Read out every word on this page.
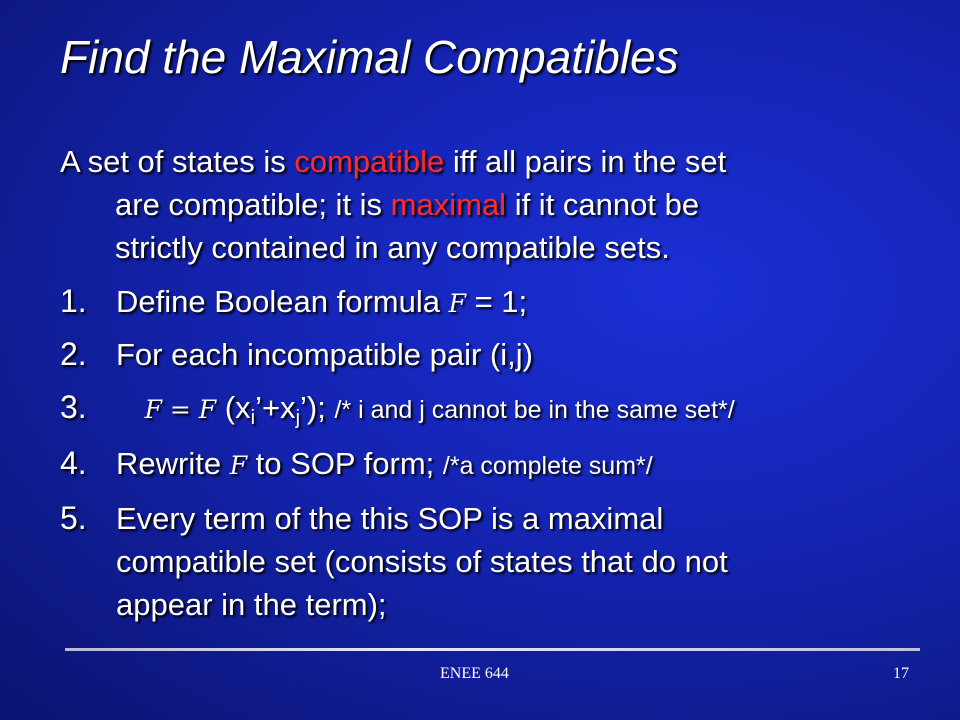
Find the Maximal Compatibles
A set of states is compatible iff all pairs in the set
are compatible; it is maximal if it cannot be
strictly contained in any compatible sets.
1. Define Boolean formula F = 1;
2. For each incompatible pair (i,j)
3. F = F $(x_i’+x_j’)$; /* i and j cannot be in the same set*/
4. Rewrite F to SOP form; /*a complete sum*/
5. Every term of the this SOP is a maximal
compatible set (consists of states that do not
appear in the term);
ENEE 644	17
